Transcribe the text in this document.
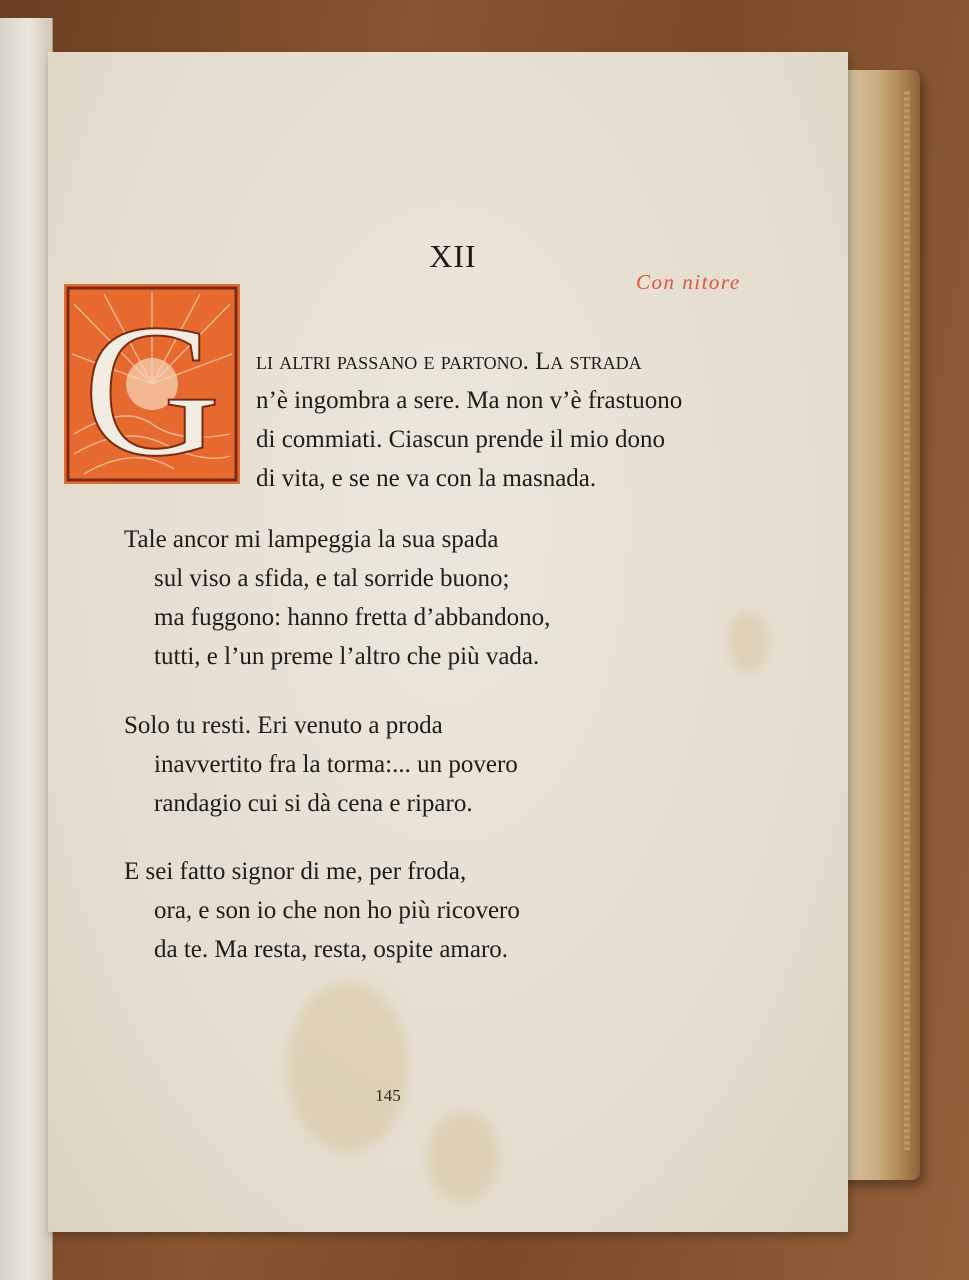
XII

Con nitore

G li altri passano e partono. La strada
n’è ingombra a sere. Ma non v’è frastuono
di commiati. Ciascun prende il mio dono
di vita, e se ne va con la masnada.
Tale ancor mi lampeggia la sua spada
sul viso a sfida, e tal sorride buono;
ma fuggono: hanno fretta d’abbandono,
tutti, e l’un preme l’altro che più vada.
Solo tu resti. Eri venuto a proda
inavvertito fra la torma:... un povero
randagio cui si dà cena e riparo.
E sei fatto signor di me, per froda,
ora, e son io che non ho più ricovero
da te. Ma resta, resta, ospite amaro.

145
